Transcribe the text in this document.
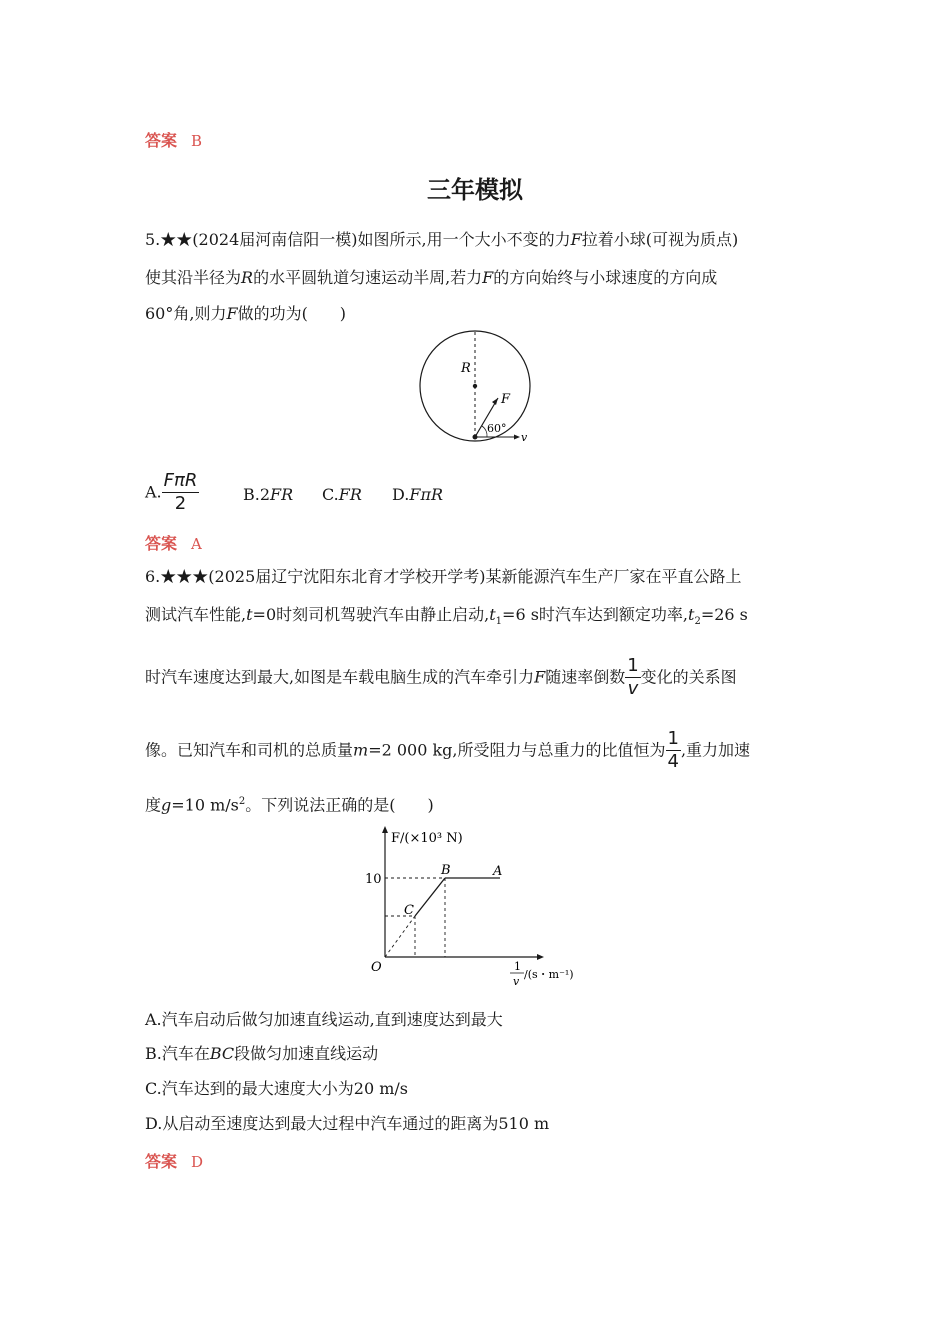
答案 B
三年模拟
5.★★(2024届河南信阳一模)如图所示,用一个大小不变的力F拉着小球(可视为质点)
使其沿半径为R的水平圆轨道匀速运动半周,若力F的方向始终与小球速度的方向成
60°角,则力F做的功为(　　)
R
F
60°
v
A. $\frac{\text{FπR}}{2}$	B.2FR C.FR D.FπR
答案 A
6.★★★(2025届辽宁沈阳东北育才学校开学考)某新能源汽车生产厂家在平直公路上
测试汽车性能,t=0时刻司机驾驶汽车由静止启动$,t_1=6$ s时汽车达到额定功率$,t_2=26$ s
时汽车速度达到最大,如图是车载电脑生成的汽车牵引力F随速率倒数 $\frac{1}{v}$ 变化的关系图
像。已知汽车和司机的总质量m=2 000 kg,所受阻力与总重力的比值恒为 $\frac{1}{4}$ ,重力加速
度g=10 $m/s^2$。下列说法正确的是(　　)
F/(×10³ N)
10
O
B	A
C
1
v
/(s・m⁻¹)
A.汽车启动后做匀加速直线运动,直到速度达到最大
B.汽车在BC段做匀加速直线运动
C.汽车达到的最大速度大小为20 m/s
D.从启动至速度达到最大过程中汽车通过的距离为510 m
答案 D
